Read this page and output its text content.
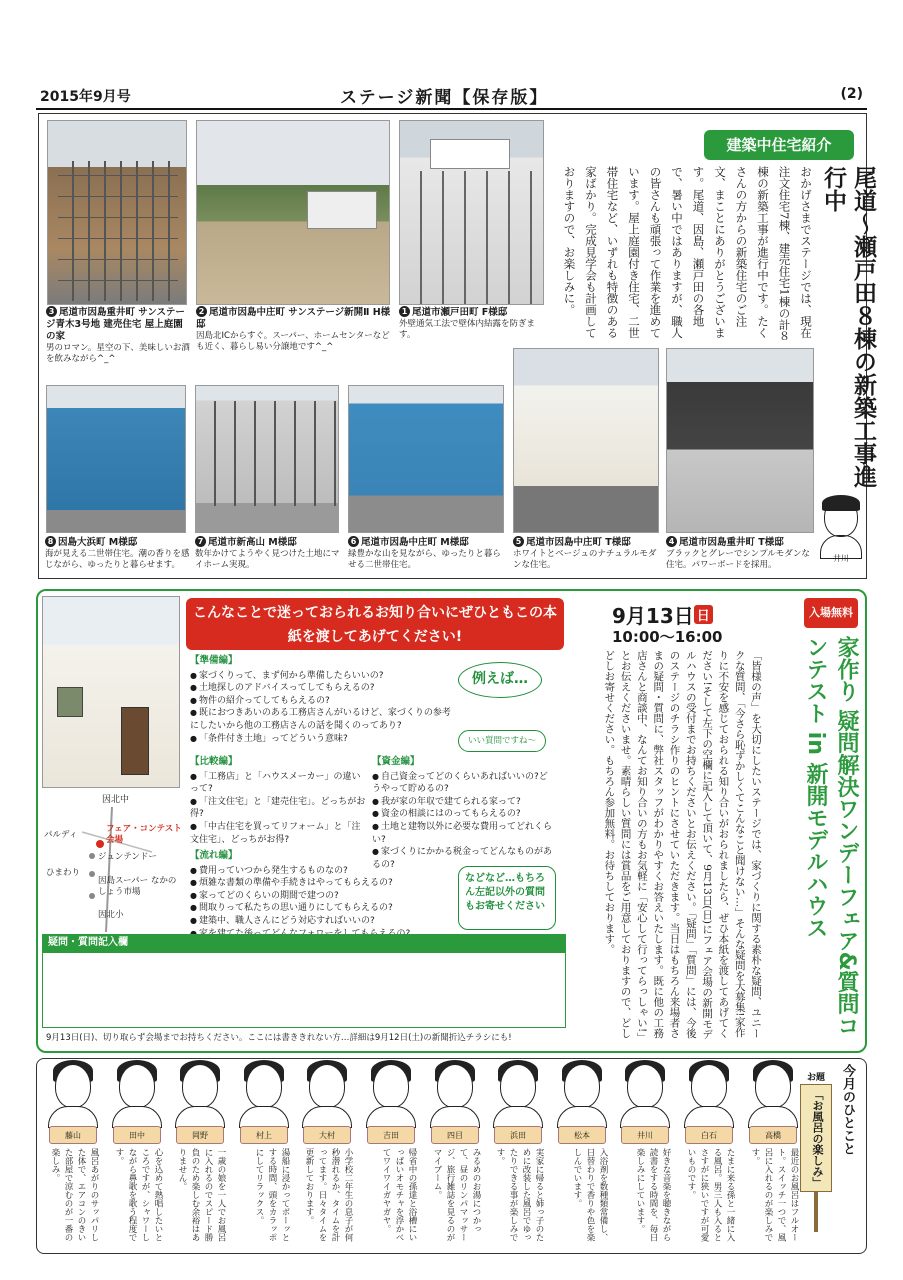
2015年9月号	ステージ新聞【保存版】	(2)
3 尾道市因島重井町 サンステージ青木3号地 建売住宅 屋上庭園の家
男のロマン。星空の下、美味しいお酒を飲みながら^_^
2 尾道市因島中庄町 サンステージ新開Ⅱ H様邸
因島北ICからすぐ。スーパー、ホームセンターなども近く、暮らし易い分譲地です^_^
1 尾道市瀬戸田町 F様邸
外壁通気工法で壁体内結露を防ぎます。
8 因島大浜町 M様邸
海が見える二世帯住宅。潮の香りを感じながら、ゆったりと暮らせます。
7 尾道市新高山 M様邸
数年かけてようやく見つけた土地にマイホーム実現。
6 尾道市因島中庄町 M様邸
緑豊かな山を見ながら、ゆったりと暮らせる二世帯住宅。
5 尾道市因島中庄町 T様邸
ホワイトとベージュのナチュラルモダンな住宅。
4 尾道市因島重井町 T様邸
ブラックとグレーでシンプルモダンな住宅。パワーボードを採用。
建築中住宅紹介
尾道〜瀬戸田８棟の新築工事進行中
おかげさまでステージでは、現在注文住宅7棟、建売住宅1棟の計８棟の新築工事が進行中です。たくさんの方からの新築住宅のご注文、まことにありがとうございます。尾道、因島、瀬戸田の各地で、暑い中ではありますが、職人の皆さんも頑張って作業を進めています。屋上庭園付き住宅、二世帯住宅など、いずれも特徴のある家ばかり。完成見学会も計画しておりますので、お楽しみに。
井川
こんなことで迷っておられるお知り合いにぜひともこの本紙を渡してあげてください!
例えば…
いい質問ですね〜
【準備編】
● 家づくりって、まず何から準備したらいいの?
● 土地探しのアドバイスってしてもらえるの?
● 物件の紹介ってしてもらえるの?
● 既におつきあいのある工務店さんがいるけど、家づくりの参考にしたいから他の工務店さんの話を聞くのってあり?
● 「条件付き土地」ってどういう意味?
【比較編】
● 「工務店」と「ハウスメーカー」の違いって?
● 「注文住宅」と「建売住宅」。どっちがお得?
● 「中古住宅を買ってリフォーム」と「注文住宅」、どっちがお得?
【資金編】
● 自己資金ってどのくらいあればいいの?どうやって貯めるの?
● 我が家の年収で建てられる家って?
● 資金の相談にはのってもらえるの?
● 土地と建物以外に必要な費用ってどれくらい?
● 家づくりにかかる税金ってどんなものがあるの?
【流れ編】
● 費用っていつから発生するものなの?
● 煩雑な書類の準備や手続きはやってもらえるの?
● 家ってどのくらいの期間で建つの?
● 間取りって私たちの思い通りにしてもらえるの?
● 建築中、職人さんにどう対応すればいいの?
●
などなど…もちろん左記以外の質問もお寄せください
因北中
パルディ
フェア・コンテスト会場
ジュンテンドー
ひまわり
因島スーパー なかのしょう市場
因北小
疑問・質問記入欄
9月13日(日)、切り取らず会場までお持ちください。ここには書ききれない方…詳細は9月12日(土)の新聞折込チラシにも!
入場無料
9月13日 日
10:00〜16:00	家作り 疑問解決ワンデーフェア&質問コンテスト in 新開モデルハウス
「皆様の声」を大切にしたいステージでは、家づくりに関する素朴な疑問、ユニークな質問、「今さら恥ずかしくてこんなこと聞けない…」そんな疑問を大募集!家作りに不安を感じておられる知り合いがおられましたら、ぜひ本紙を渡してあげてください!そして左下の空欄に記入して頂いて、9月13日(日)にフェア会場の新開モデルハウスの受付までお持ちくださいとお伝えください。「疑問」「質問」には、今後のステージのチラシ作りのヒントにさせていただきます。当日はもちろん来場者さまの疑問・質問に、弊社スタッフがわかりやすくお答えいたします。既に他の工務店さんと商談中、なんてお知り合いの方もお気軽に「安心して行ってらっしゃい!」とお伝えくださいませ。素晴らしい質問には賞品をご用意しておりますので、どしどしお寄せください。もちろん参加無料。お待ちしております。
今月のひとこと
お題
「お風呂の楽しみ」
藤山
風呂あがりのサッパリした体で、エアコンのきいた部屋で涼むのが一番の楽しみ。
田中
心を込めて熱唱したいところですが、シャワーしながら鼻歌を歌う程度です。
岡野
一歳の娘を一人でお風呂に入れるのでスピード勝負のため楽しむ余裕はありません。
村上
湯船に浸かってボーッとする時間、頭をカラッポにしてリラックス。
大村
小学校二年生の息子が何秒潜れるか、タイムを計ってます。日々タイムを更新しております。
吉田
帰省中の孫達と浴槽にいっぱいオモチャを浮かべてワイワイガヤガヤ。
四目
みるめのお湯につかって、昼のリンパマッサージ、旅行雑誌を見るのがマイブーム。
浜田
実家に帰ると姉っ子のために改装した風呂でゆったりできる事が楽しみです。
松本
入浴剤を数種類常備し、日替わりで香りや色を楽しんでいます。
井川
好きな音楽を聴きながら読書をする時間を、毎日楽しみにしています。
白石
たまに来る孫と一緒に入る風呂。男三人も入るとさすがに狭いですが可愛いものです。
高橋
最近のお風呂はフルオート。スイッチ一つで、風呂に入れるのが楽しみです。
